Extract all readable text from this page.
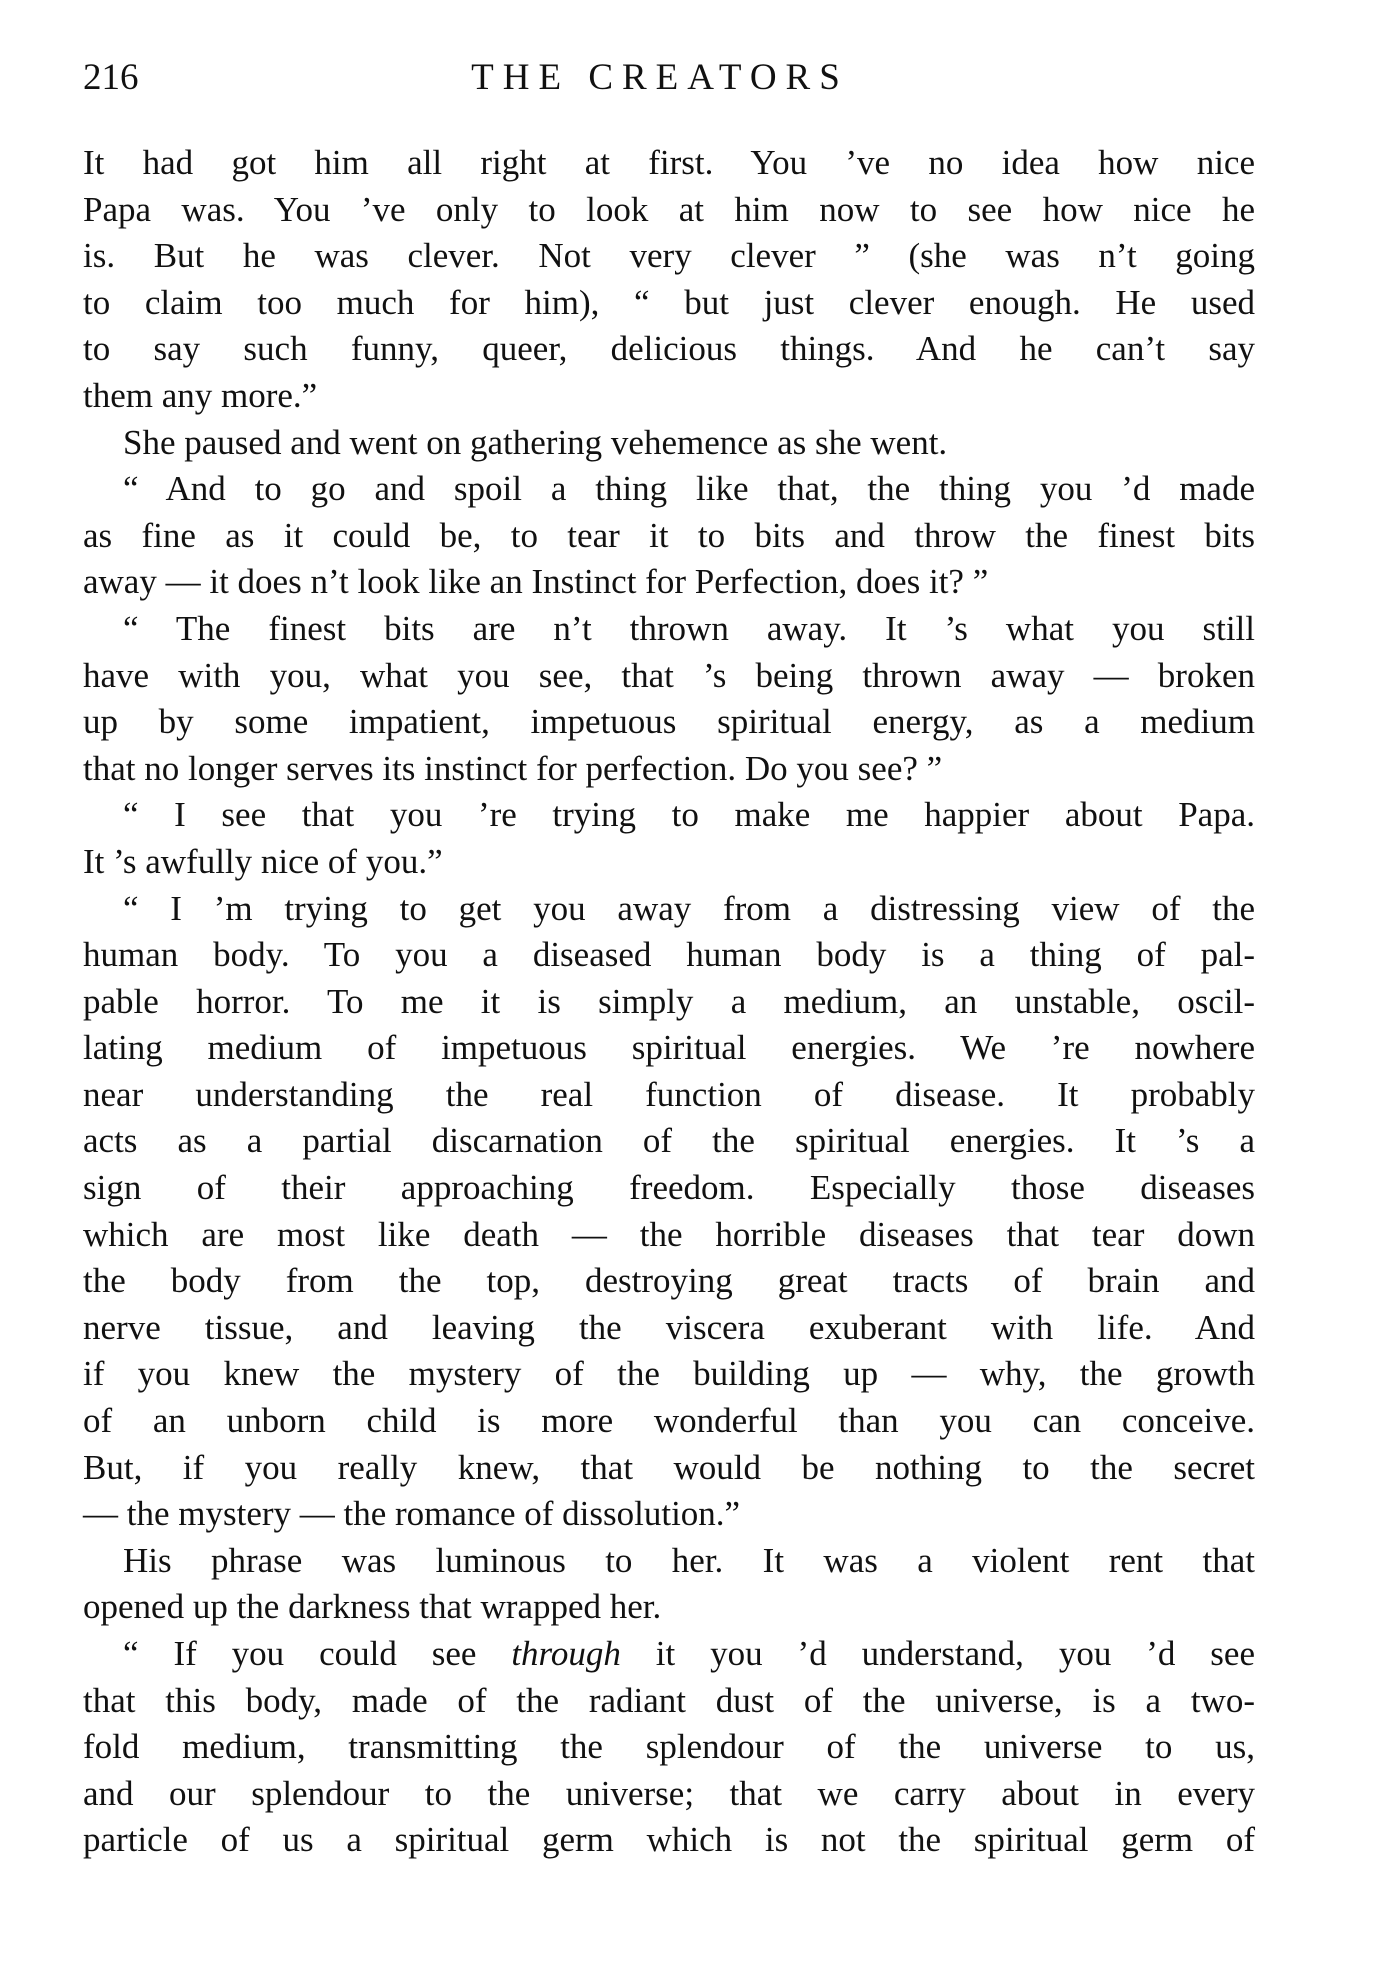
216	THE CREATORS
It had got him all right at first. You ’ve no idea how nice
Papa was. You ’ve only to look at him now to see how nice he
is. But he was clever. Not very clever ” (she was n’t going
to claim too much for him), “ but just clever enough. He used
to say such funny, queer, delicious things. And he can’t say
them any more.”
She paused and went on gathering vehemence as she went.
“ And to go and spoil a thing like that, the thing you ’d made
as fine as it could be, to tear it to bits and throw the finest bits
away — it does n’t look like an Instinct for Perfection, does it? ”
“ The finest bits are n’t thrown away. It ’s what you still
have with you, what you see, that ’s being thrown away — broken
up by some impatient, impetuous spiritual energy, as a medium
that no longer serves its instinct for perfection. Do you see? ”
“ I see that you ’re trying to make me happier about Papa.
It ’s awfully nice of you.”
“ I ’m trying to get you away from a distressing view of the
human body. To you a diseased human body is a thing of pal-
pable horror. To me it is simply a medium, an unstable, oscil-
lating medium of impetuous spiritual energies. We ’re nowhere
near understanding the real function of disease. It probably
acts as a partial discarnation of the spiritual energies. It ’s a
sign of their approaching freedom. Especially those diseases
which are most like death — the horrible diseases that tear down
the body from the top, destroying great tracts of brain and
nerve tissue, and leaving the viscera exuberant with life. And
if you knew the mystery of the building up — why, the growth
of an unborn child is more wonderful than you can conceive.
But, if you really knew, that would be nothing to the secret
— the mystery — the romance of dissolution.”
His phrase was luminous to her. It was a violent rent that
opened up the darkness that wrapped her.
“ If you could see through it you ’d understand, you ’d see
that this body, made of the radiant dust of the universe, is a two-
fold medium, transmitting the splendour of the universe to us,
and our splendour to the universe; that we carry about in every
particle of us a spiritual germ which is not the spiritual germ of
